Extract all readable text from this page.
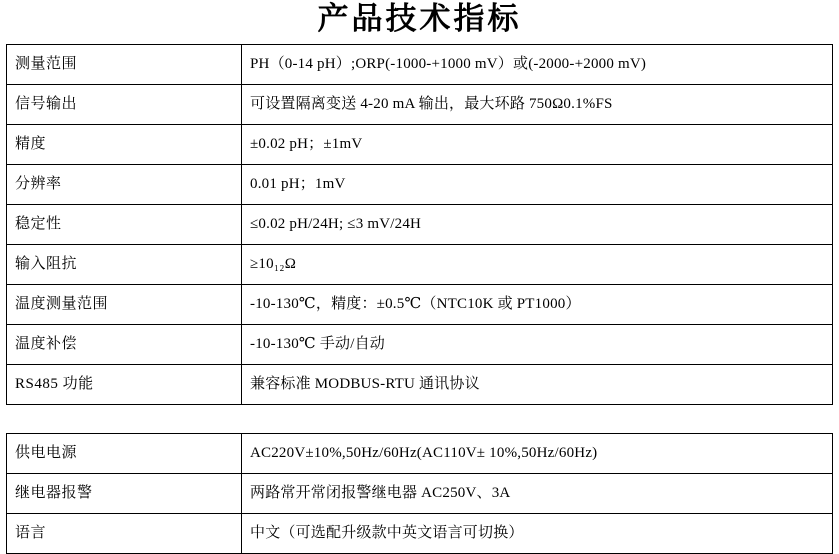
产品技术指标
测量范围	PH（0-14 pH）;ORP(-1000-+1000 mV）或(-2000-+2000 mV)
信号输出	可设置隔离变送 4-20 mA 输出，最大环路 750Ω0.1%FS
精度	±0.02 pH；±1mV
分辨率	0.01 pH；1mV
稳定性	≤0.02 pH/24H; ≤3 mV/24H
输入阻抗	≥10₁₂Ω
温度测量范围	-10-130℃，精度：±0.5℃（NTC10K 或 PT1000）
温度补偿	-10-130℃ 手动/自动
RS485 功能	兼容标准 MODBUS-RTU 通讯协议
供电电源	AC220V±10%,50Hz/60Hz(AC110V± 10%,50Hz/60Hz)
继电器报警	两路常开常闭报警继电器 AC250V、3A
语言	中文（可选配升级款中英文语言可切换）
